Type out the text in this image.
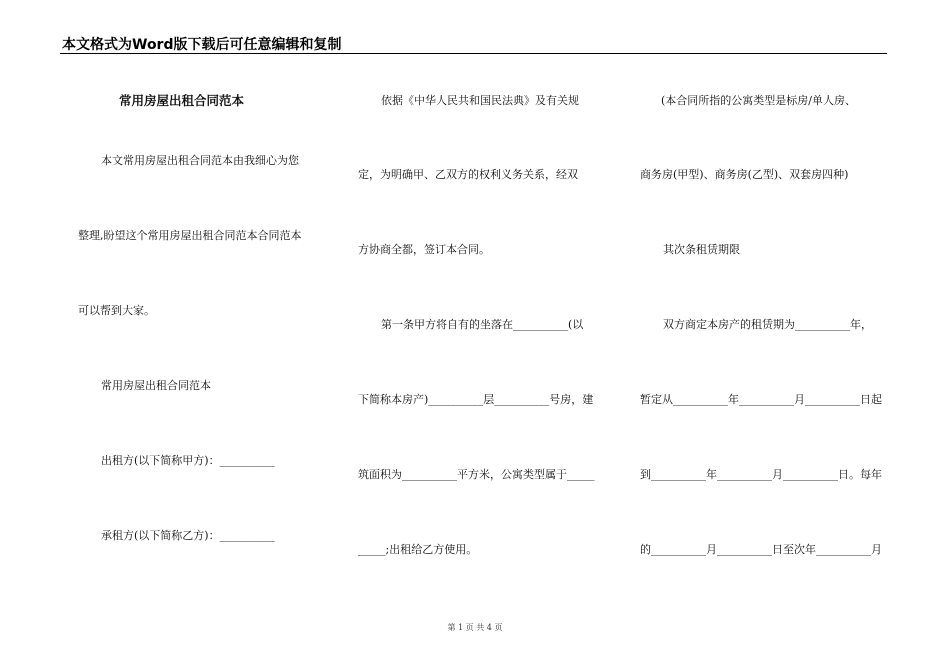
本文格式为Word版下载后可任意编辑和复制
常用房屋出租合同范本
本文常用房屋出租合同范本由我细心为您
整理,盼望这个常用房屋出租合同范本合同范本
可以帮到大家。
常用房屋出租合同范本
出租方(以下简称甲方)：__________
承租方(以下简称乙方)：__________
依据《中华人民共和国民法典》及有关规
定，为明确甲、乙双方的权利义务关系，经双
方协商全都，签订本合同。
第一条甲方将自有的坐落在__________(以
下简称本房产)__________层__________号房，建
筑面积为__________平方米，公寓类型属于_____
_____;出租给乙方使用。
(本合同所指的公寓类型是标房/单人房、
商务房(甲型)、商务房(乙型)、双套房四种)
其次条租赁期限
双方商定本房产的租赁期为__________年，
暂定从__________年__________月__________日起
到__________年__________月__________日。每年
的__________月__________日至次年__________月
第 1 页 共 4 页
